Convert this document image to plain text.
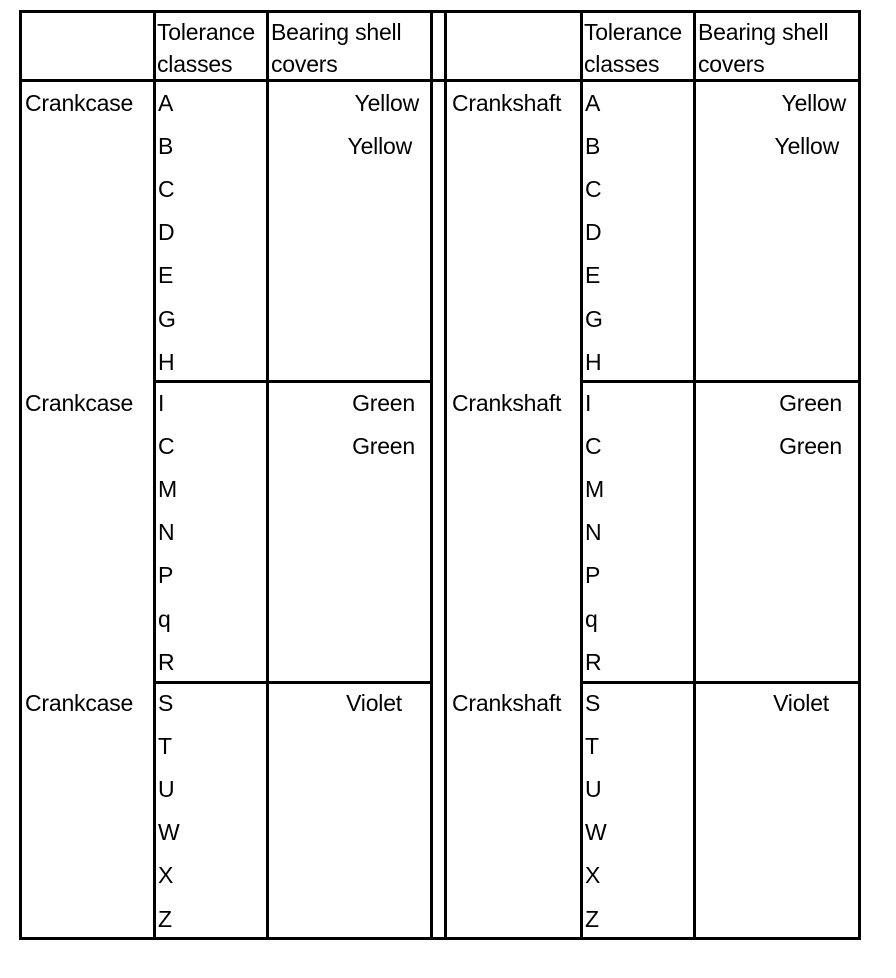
Tolerance
classes
Bearing shell
covers
Crankcase A
B
C
D
E
G
H
Yellow
Yellow
Crankcase I
C
M
N
P
q
R
Green
Green
Crankcase S
T
U
W
X
Z
Violet
Tolerance
classes
Bearing shell
covers
Crankshaft A
B
C
D
E
G
H
Yellow
Yellow
Crankshaft I
C
M
N
P
q
R
Green
Green
Crankshaft S
T
U
W
X
Z
Violet
